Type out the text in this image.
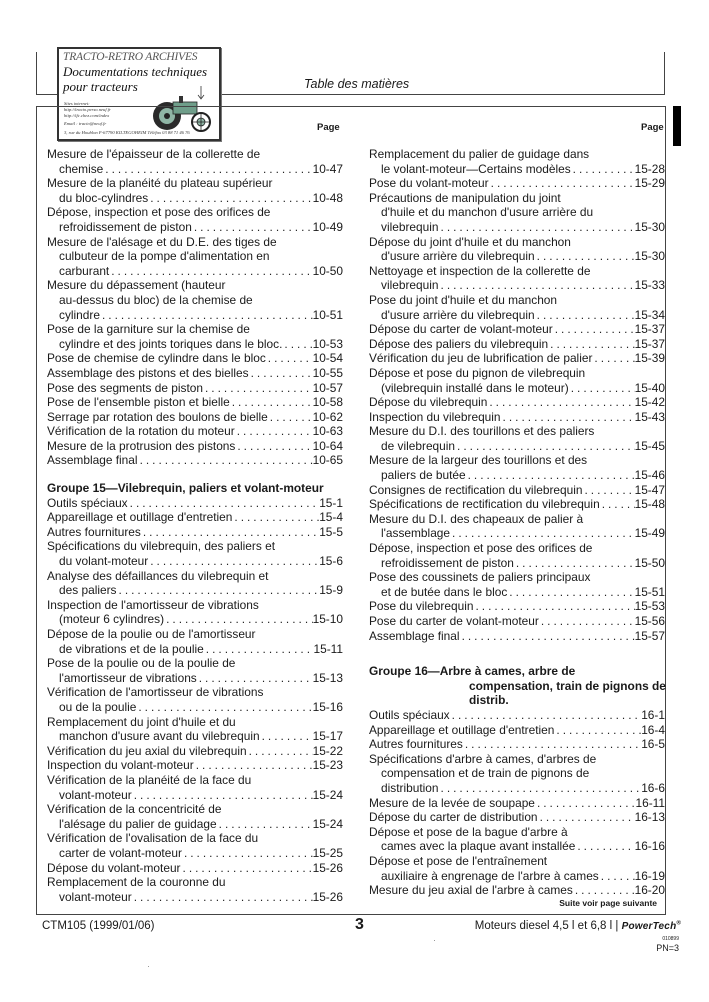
Table des matières
TRACTO-RETRO ARCHIVES
Documentations techniques
pour tracteurs
Sites internet:
http://tracto.perso.neuf.fr
http://tfc.chez.com/index
Email : tracto@neuf.fr
3, rue du Houblon F-67790 KILTEGOHEIM Téléfax 03 88 71 46 76	Page	Page
Mesure de l'épaisseur de la collerette de
chemise . . .	10-47
Mesure de la planéité du plateau supérieur
du bloc-cylindres . . .	10-48
Dépose, inspection et pose des orifices de
refroidissement de piston . . .	10-49
Mesure de l'alésage et du D.E. des tiges de
culbuteur de la pompe d'alimentation en
carburant . . .	10-50
Mesure du dépassement (hauteur
au-dessus du bloc) de la chemise de
cylindre . . .	10-51
Pose de la garniture sur la chemise de
cylindre et des joints toriques dans le bloc. . . .	10-53
Pose de chemise de cylindre dans le bloc . . .	10-54
Assemblage des pistons et des bielles . . .	10-55
Pose des segments de piston . . .	10-57
Pose de l'ensemble piston et bielle . . .	10-58
Serrage par rotation des boulons de bielle . . .	10-62
Vérification de la rotation du moteur . . .	10-63
Mesure de la protrusion des pistons . . .	10-64
Assemblage final . . .	10-65
Groupe 15—Vilebrequin, paliers et volant-moteur
Outils spéciaux . . .	15-1
Appareillage et outillage d'entretien . . .	15-4
Autres fournitures . . .	15-5
Spécifications du vilebrequin, des paliers et
du volant-moteur . . .	15-6
Analyse des défaillances du vilebrequin et
des paliers . . .	15-9
Inspection de l'amortisseur de vibrations
(moteur 6 cylindres) . . .	15-10
Dépose de la poulie ou de l'amortisseur
de vibrations et de la poulie . . .	15-11
Pose de la poulie ou de la poulie de
l'amortisseur de vibrations . . .	15-13
Vérification de l'amortisseur de vibrations
ou de la poulie . . .	15-16
Remplacement du joint d'huile et du
manchon d'usure avant du vilebrequin . . .	15-17
Vérification du jeu axial du vilebrequin . . .	15-22
Inspection du volant-moteur . . .	15-23
Vérification de la planéité de la face du
volant-moteur . . .	15-24
Vérification de la concentricité de
l'alésage du palier de guidage . . .	15-24
Vérification de l'ovalisation de la face du
carter de volant-moteur . . .	15-25
Dépose du volant-moteur . . .	15-26
Remplacement de la couronne du
volant-moteur . . .	15-26
Remplacement du palier de guidage dans
le volant-moteur—Certains modèles . . .	15-28
Pose du volant-moteur . . .	15-29
Précautions de manipulation du joint
d'huile et du manchon d'usure arrière du
vilebrequin . . .	15-30
Dépose du joint d'huile et du manchon
d'usure arrière du vilebrequin . . .	15-30
Nettoyage et inspection de la collerette de
vilebrequin . . .	15-33
Pose du joint d'huile et du manchon
d'usure arrière du vilebrequin . . .	15-34
Dépose du carter de volant-moteur . . .	15-37
Dépose des paliers du vilebrequin . . .	15-37
Vérification du jeu de lubrification de palier . . .	15-39
Dépose et pose du pignon de vilebrequin
(vilebrequin installé dans le moteur) . . .	15-40
Dépose du vilebrequin . . .	15-42
Inspection du vilebrequin . . .	15-43
Mesure du D.I. des tourillons et des paliers
de vilebrequin . . .	15-45
Mesure de la largeur des tourillons et des
paliers de butée . . .	15-46
Consignes de rectification du vilebrequin . . .	15-47
Spécifications de rectification du vilebrequin . . .	15-48
Mesure du D.I. des chapeaux de palier à
l'assemblage . . .	15-49
Dépose, inspection et pose des orifices de
refroidissement de piston . . .	15-50
Pose des coussinets de paliers principaux
et de butée dans le bloc . . .	15-51
Pose du vilebrequin . . .	15-53
Pose du carter de volant-moteur . . .	15-56
Assemblage final . . .	15-57
Groupe 16—Arbre à cames, arbre de
compensation, train de pignons de
distrib.
Outils spéciaux . . .	16-1
Appareillage et outillage d'entretien . . .	16-4
Autres fournitures . . .	16-5
Spécifications d'arbre à cames, d'arbres de
compensation et de train de pignons de
distribution . . .	16-6
Mesure de la levée de soupape . . .	16-11
Dépose du carter de distribution . . .	16-13
Dépose et pose de la bague d'arbre à
cames avec la plaque avant installée . . .	16-16
Dépose et pose de l'entraînement
auxiliaire à engrenage de l'arbre à cames . . .	16-19
Mesure du jeu axial de l'arbre à cames . . .	16-20
Suite voir page suivante
CTM105 (1999/01/06)	3	Moteurs diesel 4,5 l et 6,8 l | PowerTech®
010899
PN=3
